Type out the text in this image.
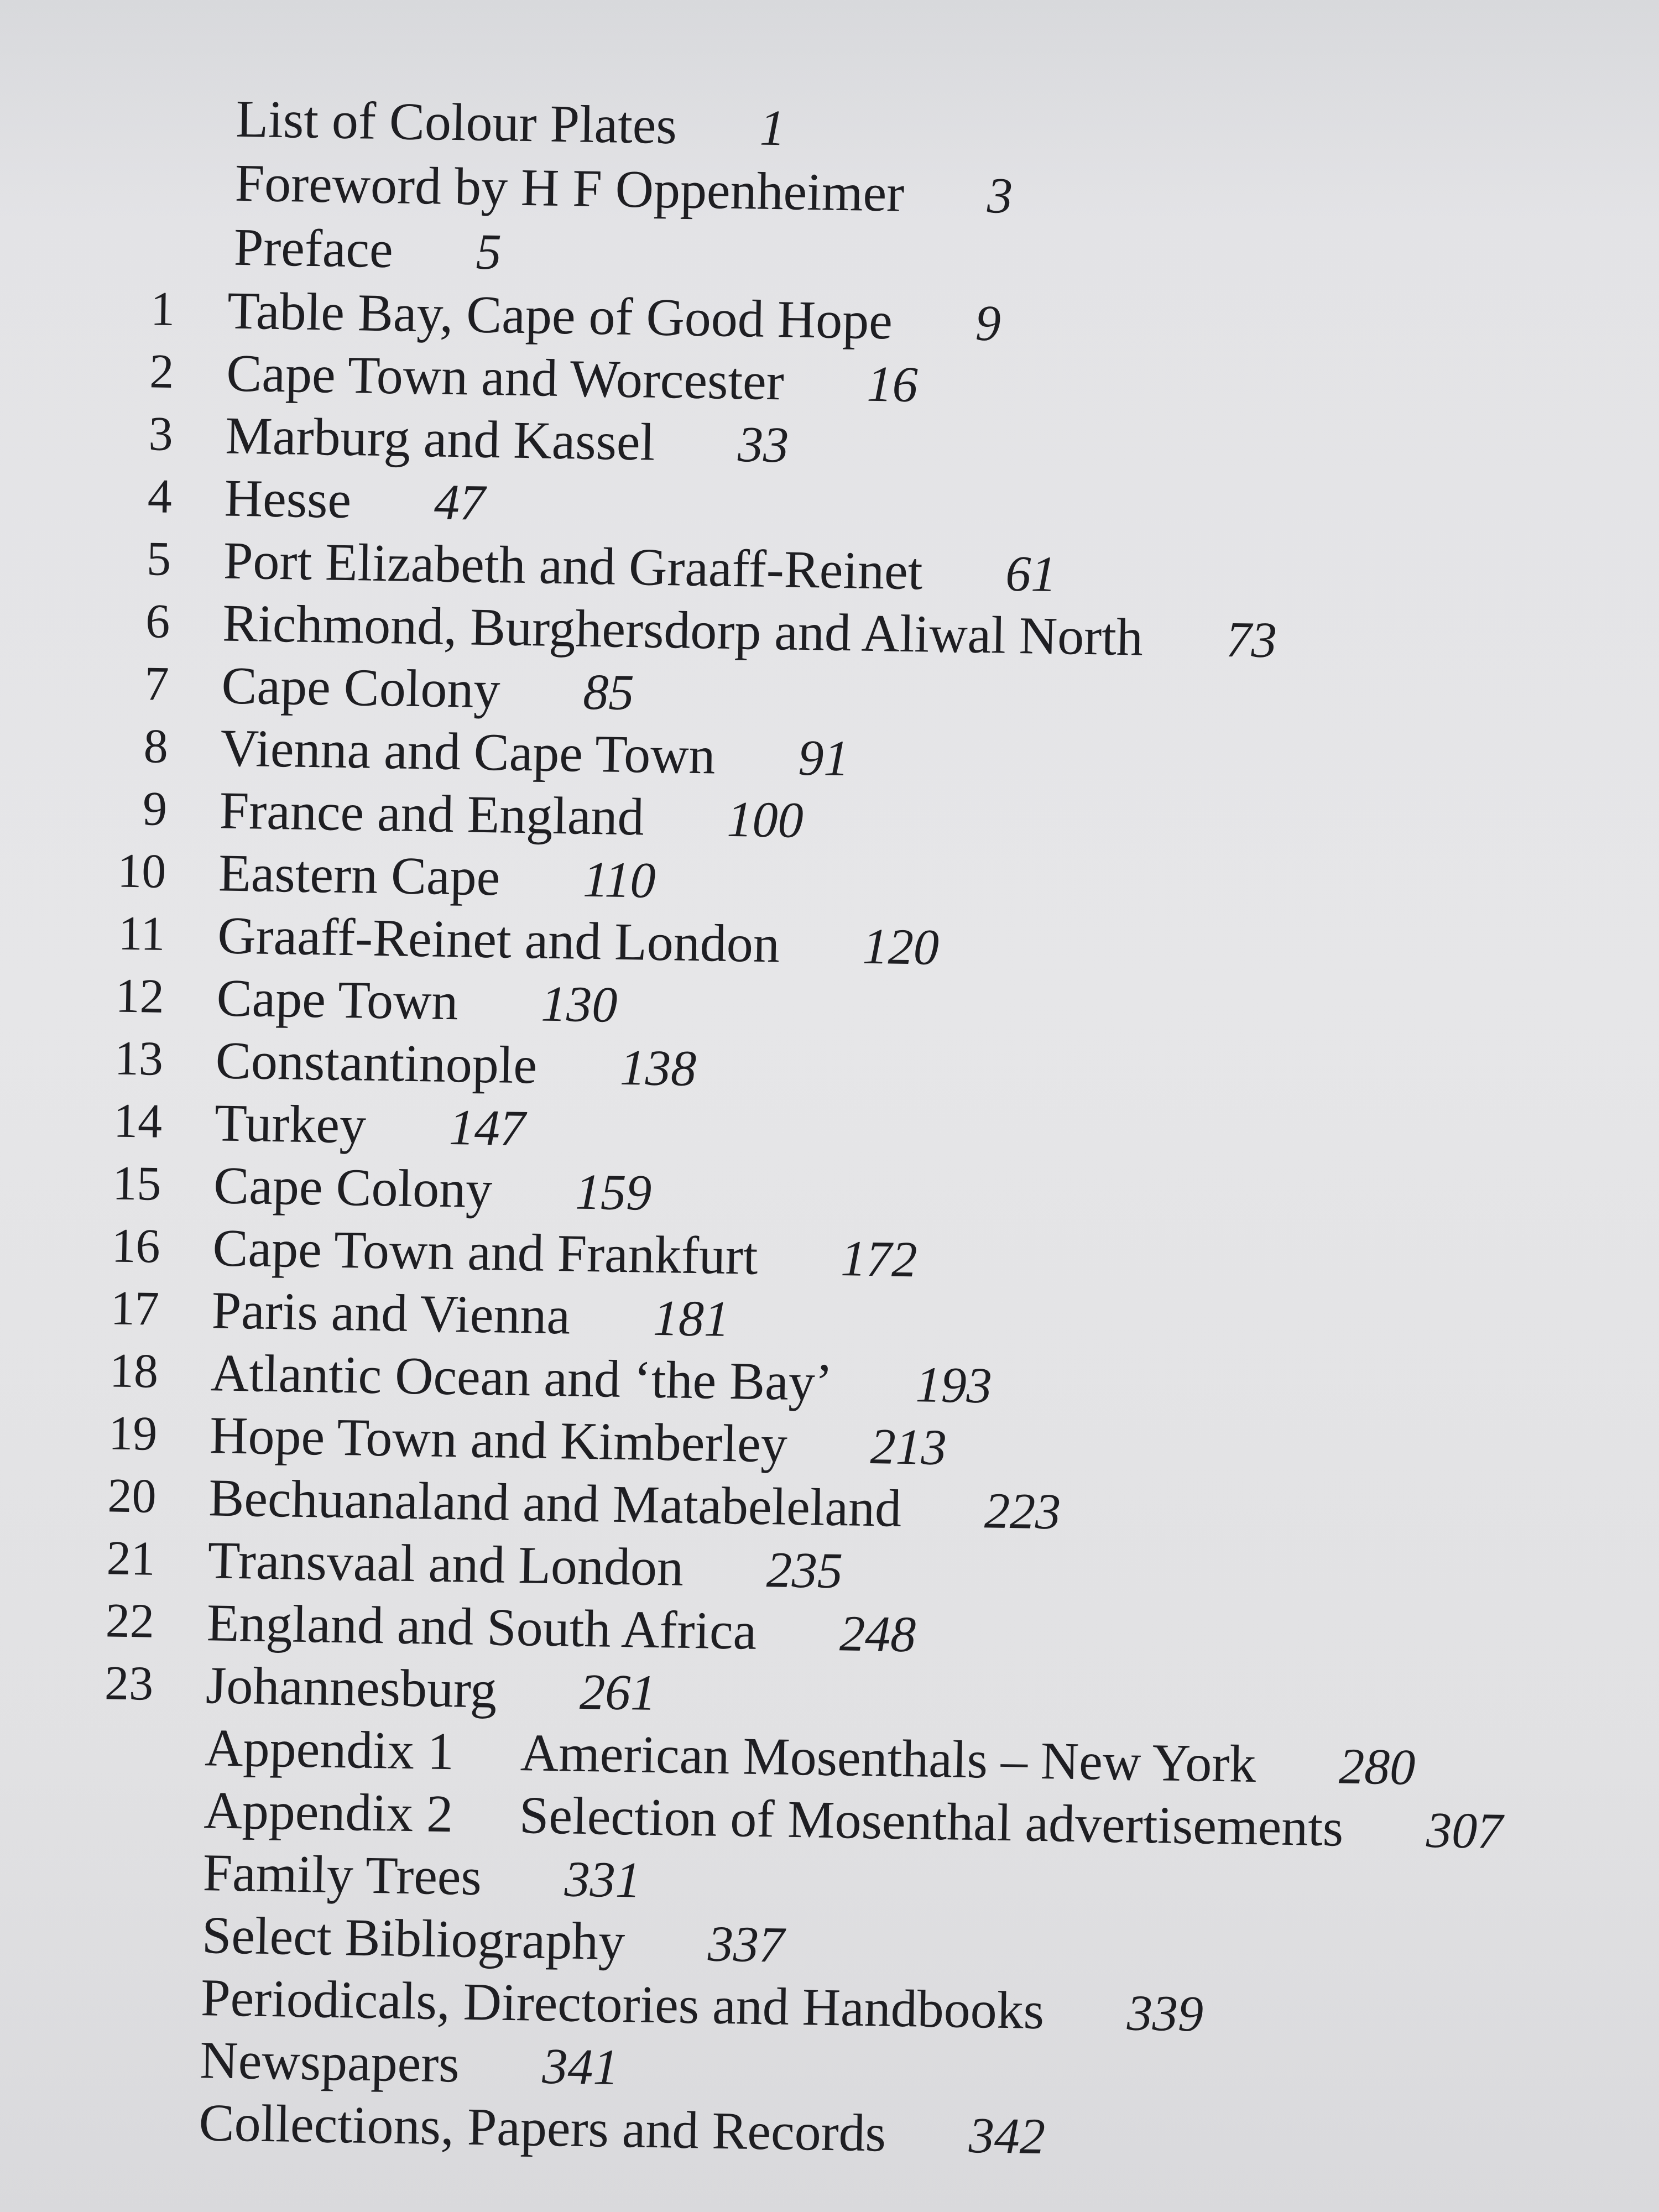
List of Colour Plates 1
Foreword by H F Oppenheimer 3
Preface 5
1 Table Bay, Cape of Good Hope 9
2 Cape Town and Worcester 16
3 Marburg and Kassel 33
4 Hesse 47
5 Port Elizabeth and Graaff-Reinet 61
6 Richmond, Burghersdorp and Aliwal North 73
7 Cape Colony 85
8 Vienna and Cape Town 91
9 France and England 100
10 Eastern Cape 110
11 Graaff-Reinet and London 120
12 Cape Town 130
13 Constantinople 138
14 Turkey 147
15 Cape Colony 159
16 Cape Town and Frankfurt 172
17 Paris and Vienna 181
18 Atlantic Ocean and ‘the Bay’ 193
19 Hope Town and Kimberley 213
20 Bechuanaland and Matabeleland 223
21 Transvaal and London 235
22 England and South Africa 248
23 Johannesburg 261
Appendix 1 American Mosenthals – New York 280
Appendix 2 Selection of Mosenthal advertisements 307
Family Trees 331
Select Bibliography 337
Periodicals, Directories and Handbooks 339
Newspapers 341
Collections, Papers and Records 342
